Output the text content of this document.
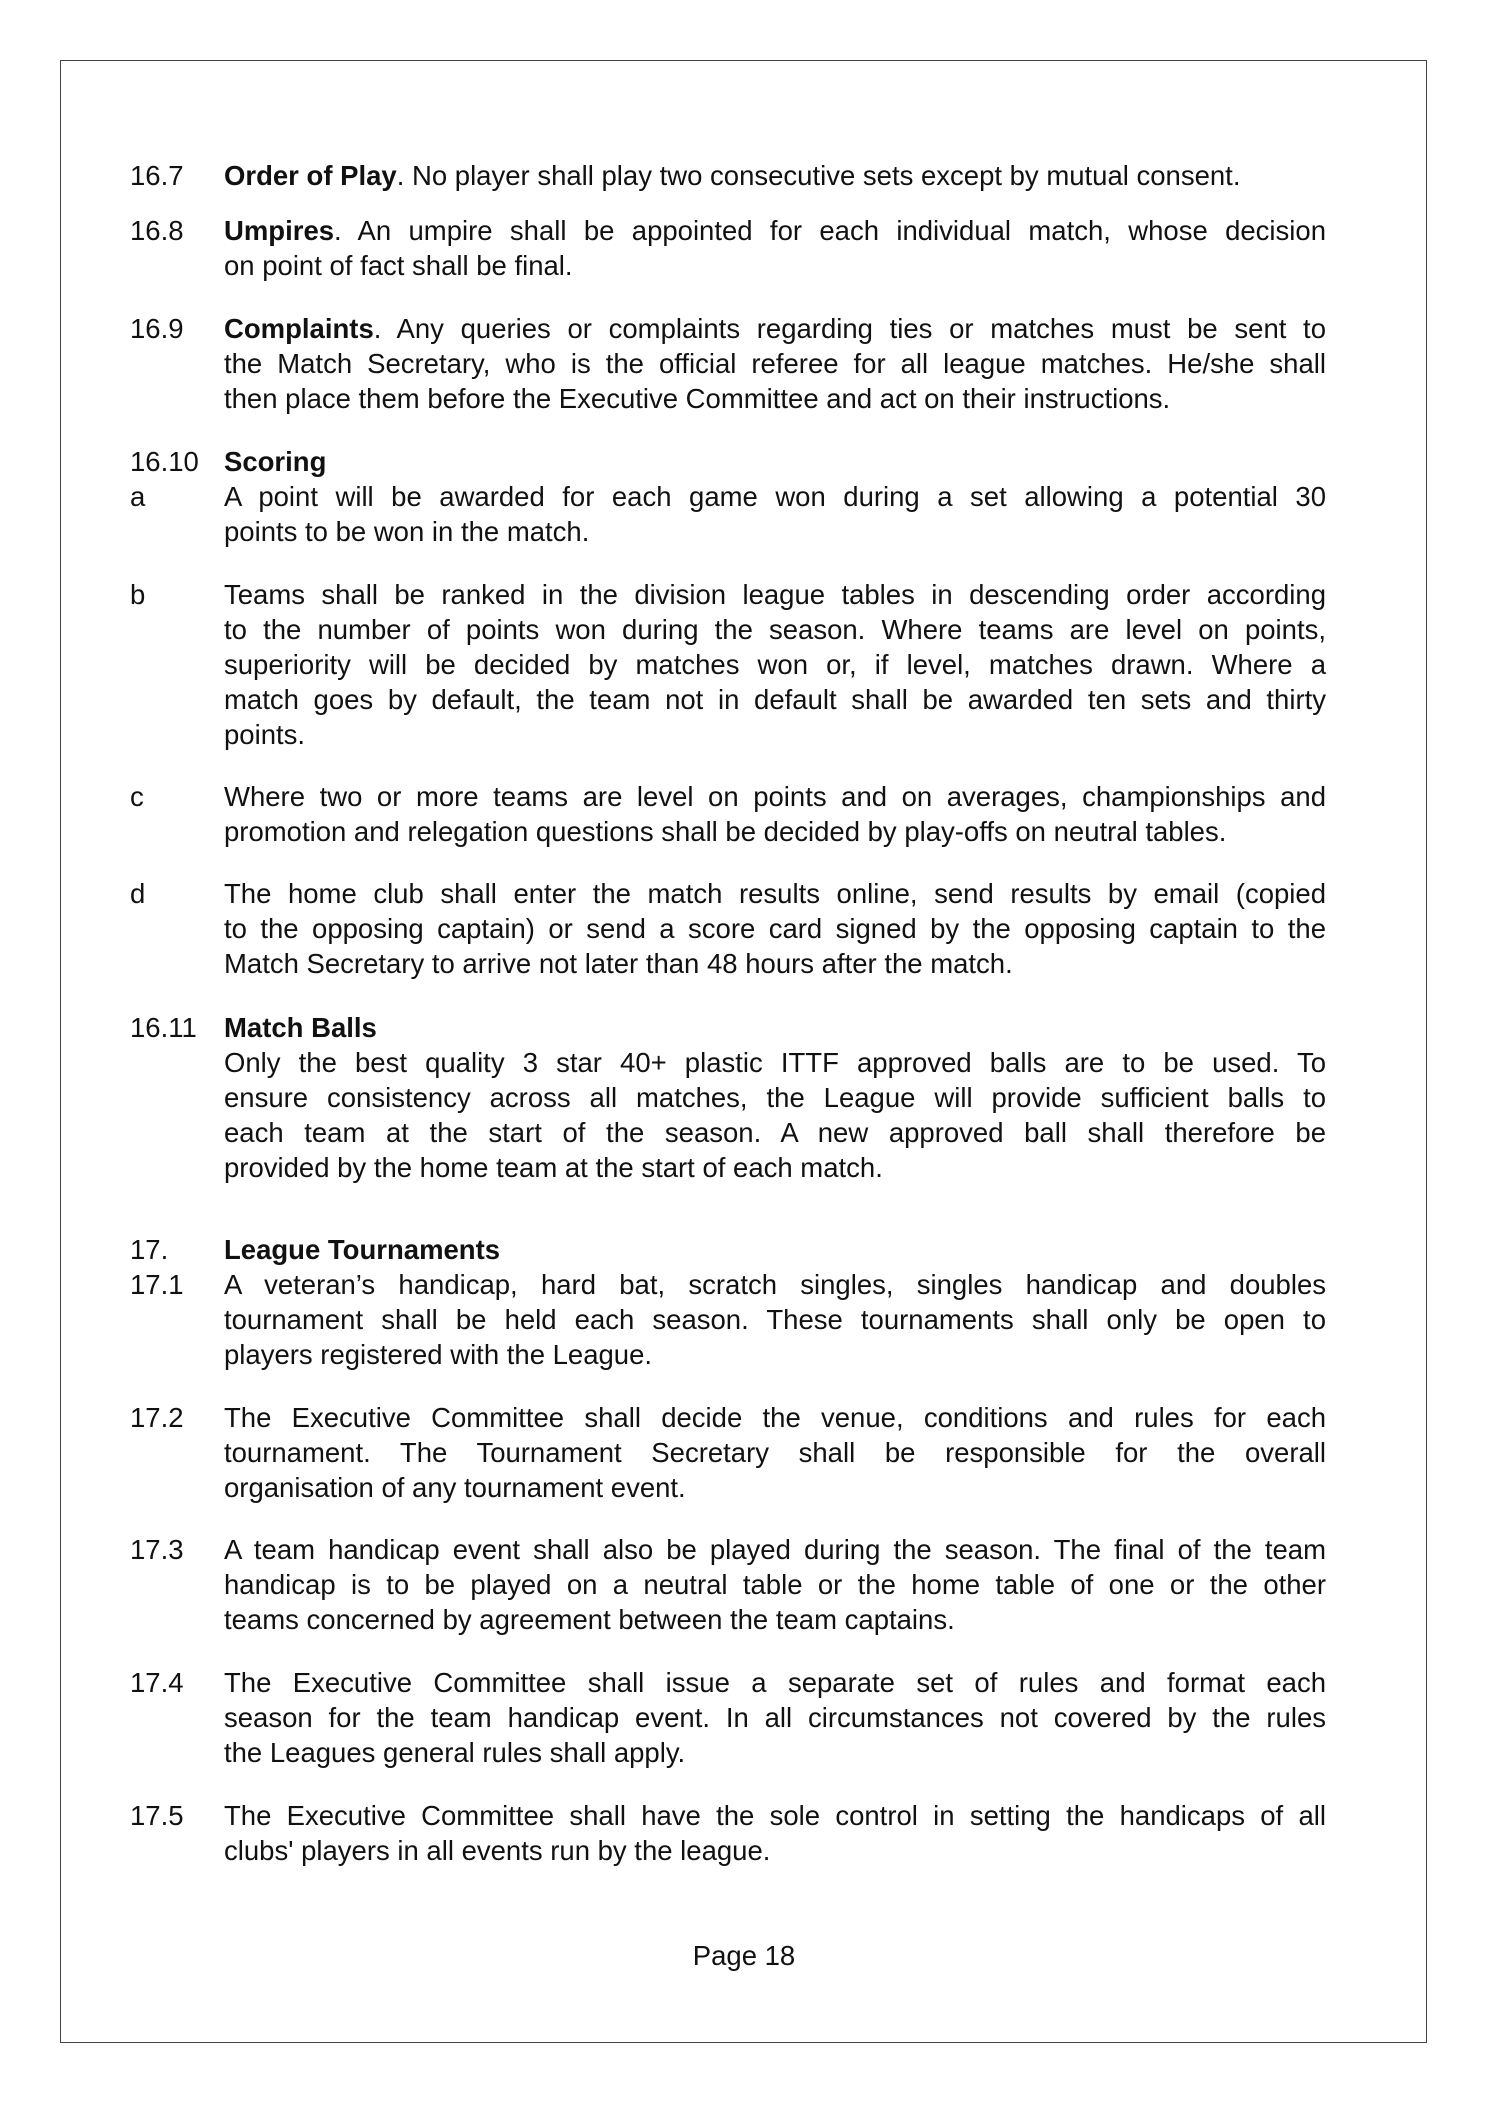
16.7 Order of Play. No player shall play two consecutive sets except by mutual consent.
16.8 Umpires. An umpire shall be appointed for each individual match, whose decision
on point of fact shall be final.
16.9 Complaints. Any queries or complaints regarding ties or matches must be sent to
the Match Secretary, who is the official referee for all league matches. He/she shall
then place them before the Executive Committee and act on their instructions.
16.10 Scoring
a	A point will be awarded for each game won during a set allowing a potential 30
points to be won in the match.
b	Teams shall be ranked in the division league tables in descending order according
to the number of points won during the season. Where teams are level on points,
superiority will be decided by matches won or, if level, matches drawn. Where a
match goes by default, the team not in default shall be awarded ten sets and thirty
points.
c	Where two or more teams are level on points and on averages, championships and
promotion and relegation questions shall be decided by play-offs on neutral tables.
d	The home club shall enter the match results online, send results by email (copied
to the opposing captain) or send a score card signed by the opposing captain to the
Match Secretary to arrive not later than 48 hours after the match.
16.11 Match Balls
Only the best quality 3 star 40+ plastic ITTF approved balls are to be used. To
ensure consistency across all matches, the League will provide sufficient balls to
each team at the start of the season. A new approved ball shall therefore be
provided by the home team at the start of each match.
17. League Tournaments
17.1 A veteran’s handicap, hard bat, scratch singles, singles handicap and doubles
tournament shall be held each season. These tournaments shall only be open to
players registered with the League.
17.2 The Executive Committee shall decide the venue, conditions and rules for each
tournament. The Tournament Secretary shall be responsible for the overall
organisation of any tournament event.
17.3 A team handicap event shall also be played during the season. The final of the team
handicap is to be played on a neutral table or the home table of one or the other
teams concerned by agreement between the team captains.
17.4 The Executive Committee shall issue a separate set of rules and format each
season for the team handicap event. In all circumstances not covered by the rules
the Leagues general rules shall apply.
17.5 The Executive Committee shall have the sole control in setting the handicaps of all
clubs' players in all events run by the league.
Page 18
